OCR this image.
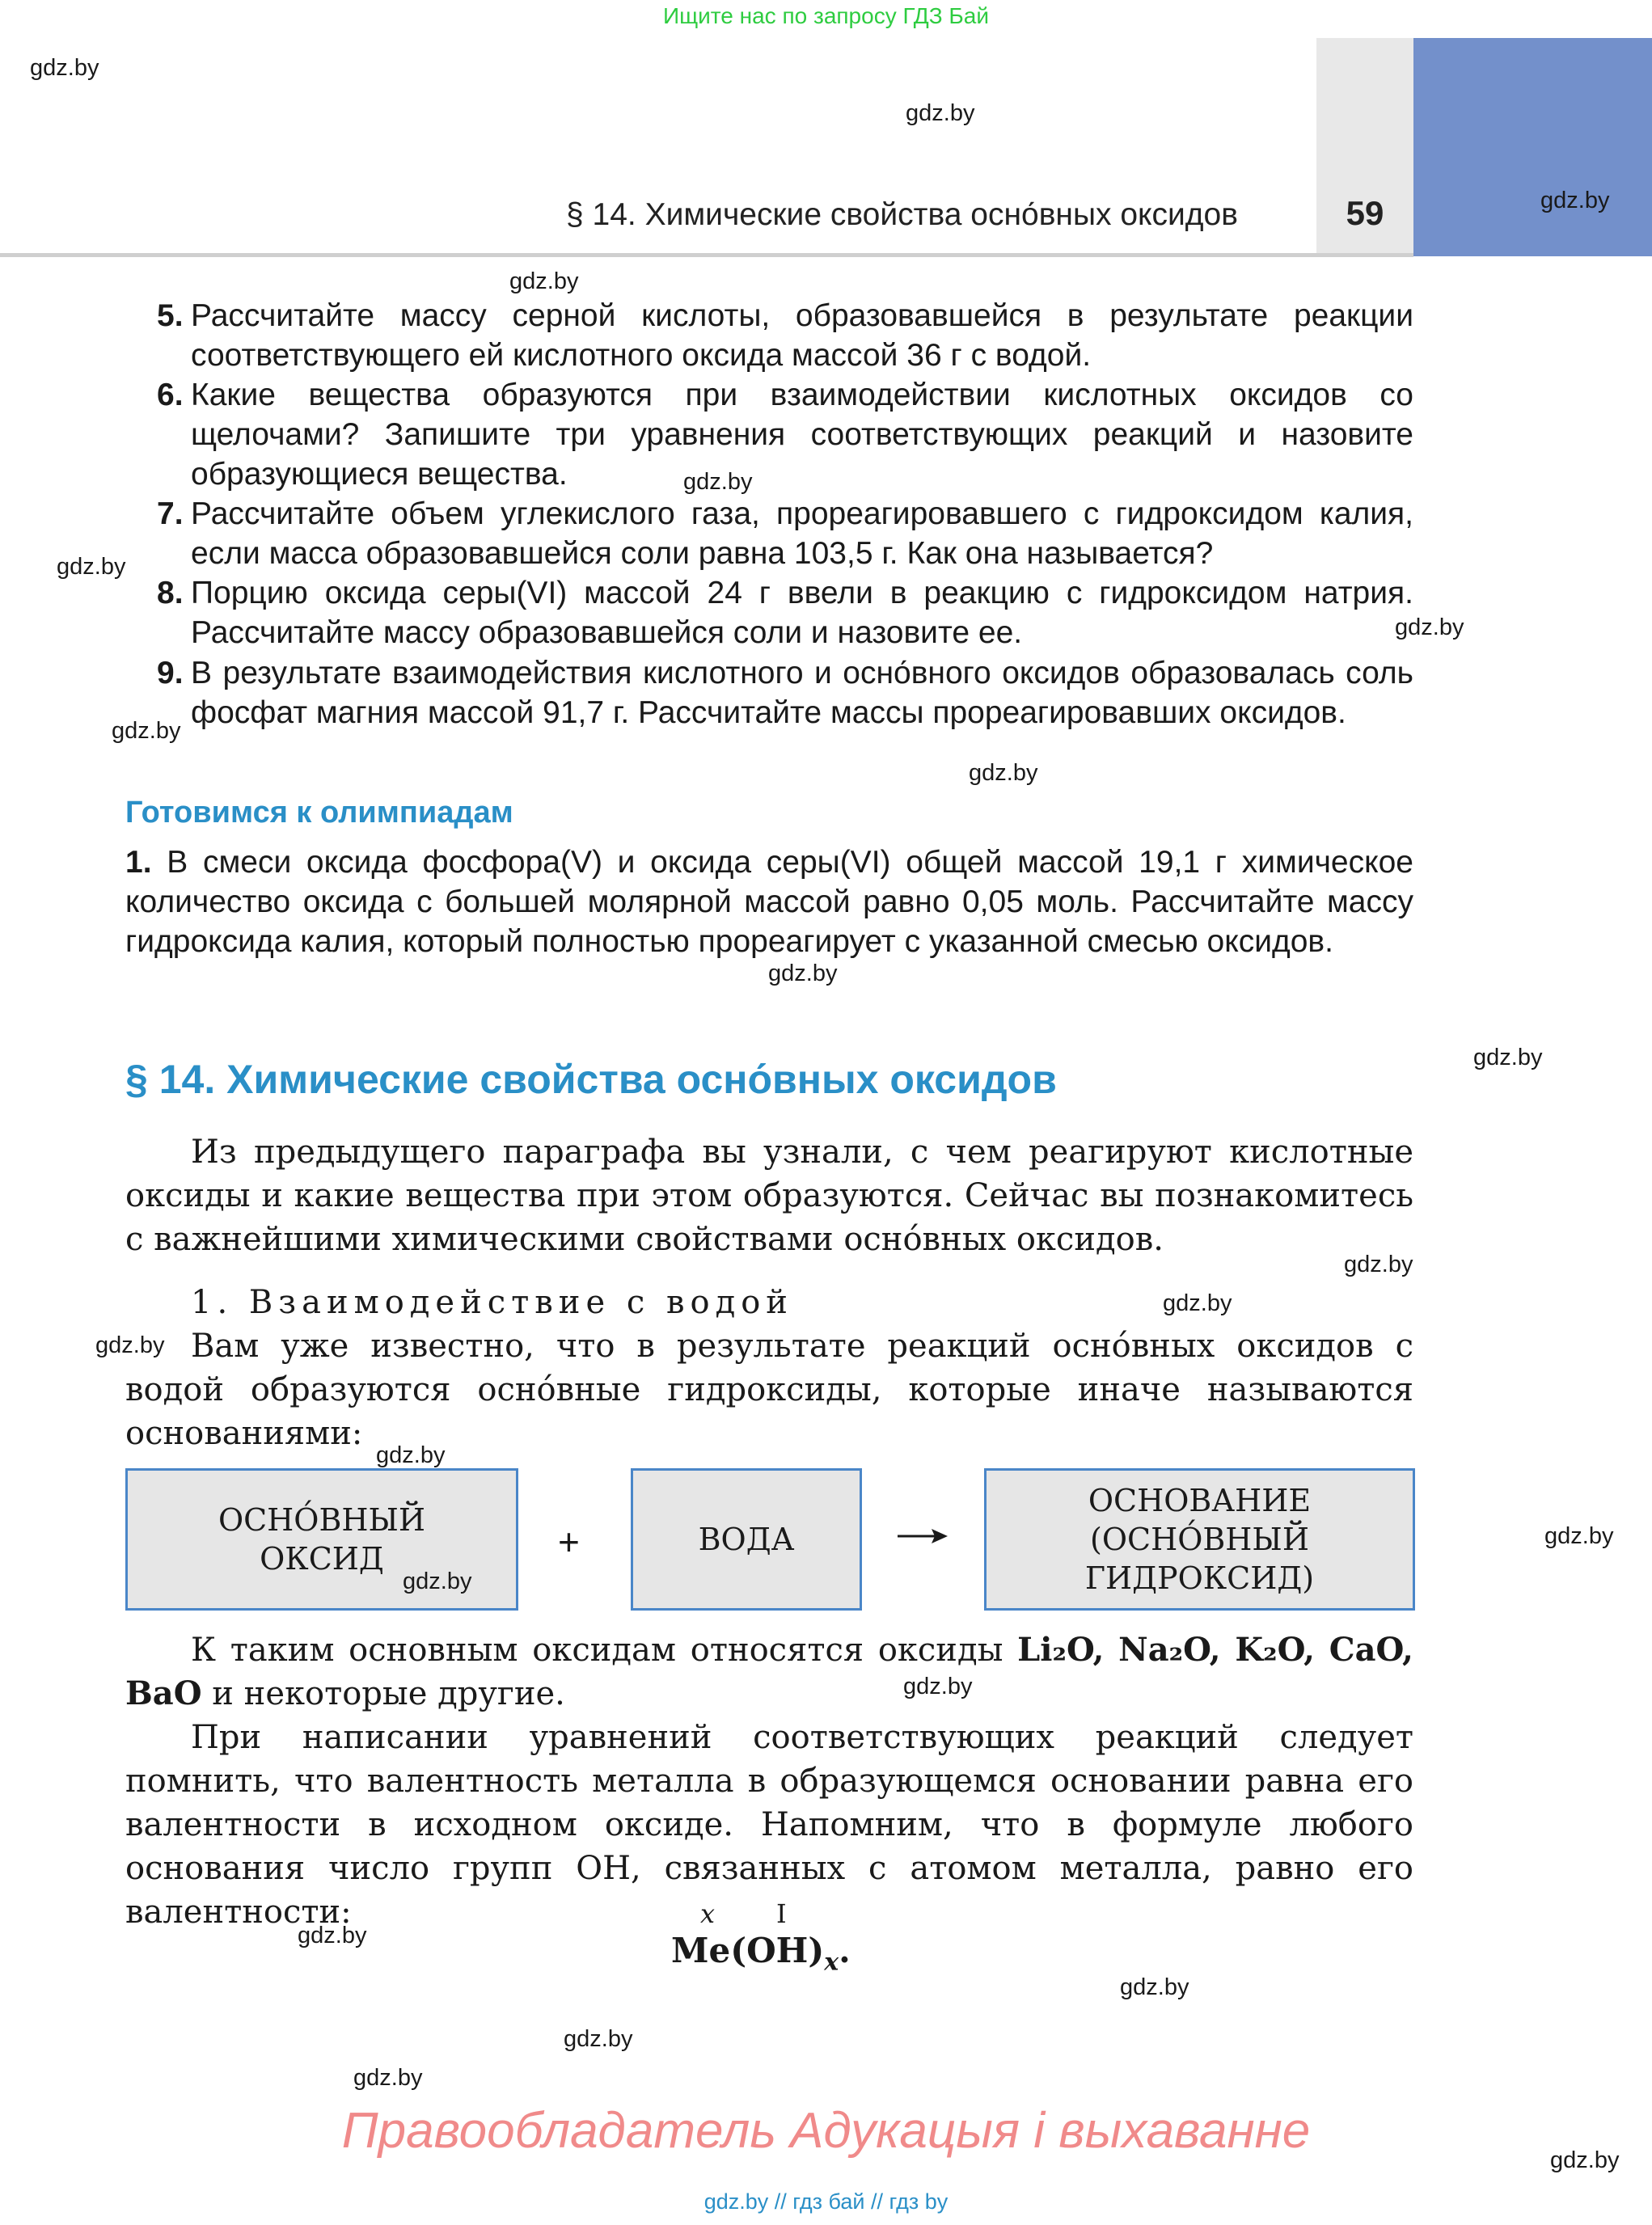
Ищите нас по запросу ГДЗ Бай
§ 14. Химические свойства осно́вных оксидов	59
5. Рассчитайте массу серной кислоты, образовавшейся в результате реакции соответствующего ей кислотного оксида массой 36 г с водой.

6. Какие вещества образуются при взаимодействии кислотных оксидов со щелочами? Запишите три уравнения соответствующих реакций и назовите образующиеся вещества.

7. Рассчитайте объем углекислого газа, прореагировавшего с гидроксидом калия, если масса образовавшейся соли равна 103,5 г. Как она называется?

8. Порцию оксида серы(VI) массой 24 г ввели в реакцию с гидроксидом натрия. Рассчитайте массу образовавшейся соли и назовите ее.

9. В результате взаимодействия кислотного и осно́вного оксидов образовалась соль фосфат магния массой 91,7 г. Рассчитайте массы прореагировавших оксидов.

Готовимся к олимпиадам
1. В смеси оксида фосфора(V) и оксида серы(VI) общей массой 19,1 г химическое количество оксида с большей молярной массой равно 0,05 моль. Рассчитайте массу гидроксида калия, который полностью прореагирует с указанной смесью оксидов.
§ 14. Химические свойства осно́вных оксидов

Из предыдущего параграфа вы узнали, с чем реагируют кислотные оксиды и какие вещества при этом образуются. Сейчас вы познакомитесь с важнейшими химическими свойствами осно́вных оксидов.

1. Взаимодействие с водой

Вам уже известно, что в результате реакций осно́вных оксидов с водой образуются осно́вные гидроксиды, которые иначе называются основаниями:

ОСНО́ВНЫЙ
ОКСИД	+	ВОДА
ОСНОВАНИЕ
(ОСНО́ВНЫЙ
ГИДРОКСИД)

К таким основным оксидам относятся оксиды Li₂O, Na₂O, K₂O, CaO, BaO и некоторые другие.

При написании уравнений соответствующих реакций следует помнить, что валентность металла в образующемся основании равна его валентности в исходном оксиде. Напомним, что в формуле любого основания число групп OH, связанных с атомом металла, равно его валентности:	x I
$Me(OH)_x$.
Правообладатель Адукацыя і выхаванне
gdz.by // гдз бай // гдз by
gdz.by
gdz.by
gdz.by
gdz.by
gdz.by
gdz.by
gdz.by
gdz.by
gdz.by
gdz.by
gdz.by
gdz.by
gdz.by
gdz.by
gdz.by
gdz.by
gdz.by
gdz.by
gdz.by
gdz.by
gdz.by
gdz.by
gdz.by
